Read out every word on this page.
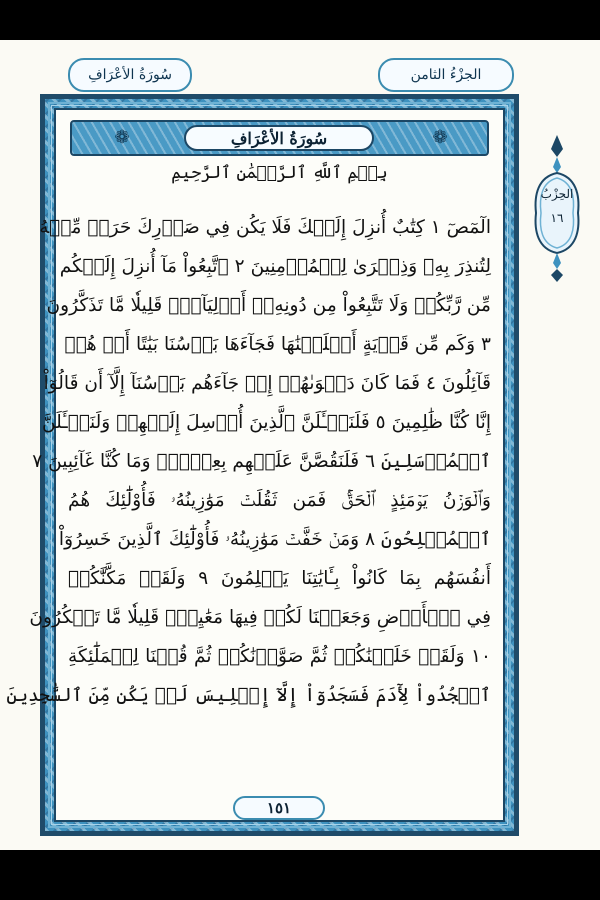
الجزْءُ الثامن
سُورَةُ الأعْرَافِ
❁	سُورَةُ الأعْرَافِ	❁
بِسۡمِ ٱللَّهِ ٱلرَّحۡمَٰنِ ٱلرَّحِيمِ
الٓمٓصٓ ١ كِتَٰبٌ أُنزِلَ إِلَيۡكَ فَلَا يَكُن فِي صَدۡرِكَ حَرَجٞ مِّنۡهُ
لِتُنذِرَ بِهِۦ وَذِكۡرَىٰ لِلۡمُؤۡمِنِينَ ٢ ٱتَّبِعُواْ مَآ أُنزِلَ إِلَيۡكُم
مِّن رَّبِّكُمۡ وَلَا تَتَّبِعُواْ مِن دُونِهِۦٓ أَوۡلِيَآءَۗ قَلِيلٗا مَّا تَذَكَّرُونَ
٣ وَكَم مِّن قَرۡيَةٍ أَهۡلَكۡنَٰهَا فَجَآءَهَا بَأۡسُنَا بَيَٰتًا أَوۡ هُمۡ
قَآئِلُونَ ٤ فَمَا كَانَ دَعۡوَىٰهُمۡ إِذۡ جَآءَهُم بَأۡسُنَآ إِلَّآ أَن قَالُوٓاْ
إِنَّا كُنَّا ظَٰلِمِينَ ٥ فَلَنَسۡـَٔلَنَّ ٱلَّذِينَ أُرۡسِلَ إِلَيۡهِمۡ وَلَنَسۡـَٔلَنَّ
ٱلۡمُرۡسَلِينَ ٦ فَلَنَقُصَّنَّ عَلَيۡهِم بِعِلۡمٖۖ وَمَا كُنَّا غَآئِبِينَ ٧
وَٱلۡوَزۡنُ يَوۡمَئِذٍ ٱلۡحَقُّۚ فَمَن ثَقُلَتۡ مَوَٰزِينُهُۥ فَأُوْلَٰٓئِكَ هُمُ
ٱلۡمُفۡلِحُونَ ٨ وَمَنۡ خَفَّتۡ مَوَٰزِينُهُۥ فَأُوْلَٰٓئِكَ ٱلَّذِينَ خَسِرُوٓاْ
أَنفُسَهُم بِمَا كَانُواْ بِـَٔايَٰتِنَا يَظۡلِمُونَ ٩ وَلَقَدۡ مَكَّنَّٰكُمۡ
فِي ٱلۡأَرۡضِ وَجَعَلۡنَا لَكُمۡ فِيهَا مَعَٰيِشَۗ قَلِيلٗا مَّا تَشۡكُرُونَ
١٠ وَلَقَدۡ خَلَقۡنَٰكُمۡ ثُمَّ صَوَّرۡنَٰكُمۡ ثُمَّ قُلۡنَا لِلۡمَلَٰٓئِكَةِ
ٱسۡجُدُواْ لِأٓدَمَ فَسَجَدُوٓاْ إِلَّآ إِبۡلِيسَ لَمۡ يَكُن مِّنَ ٱلسَّٰجِدِينَ
١٥١
الحِزْبُ
١٦
